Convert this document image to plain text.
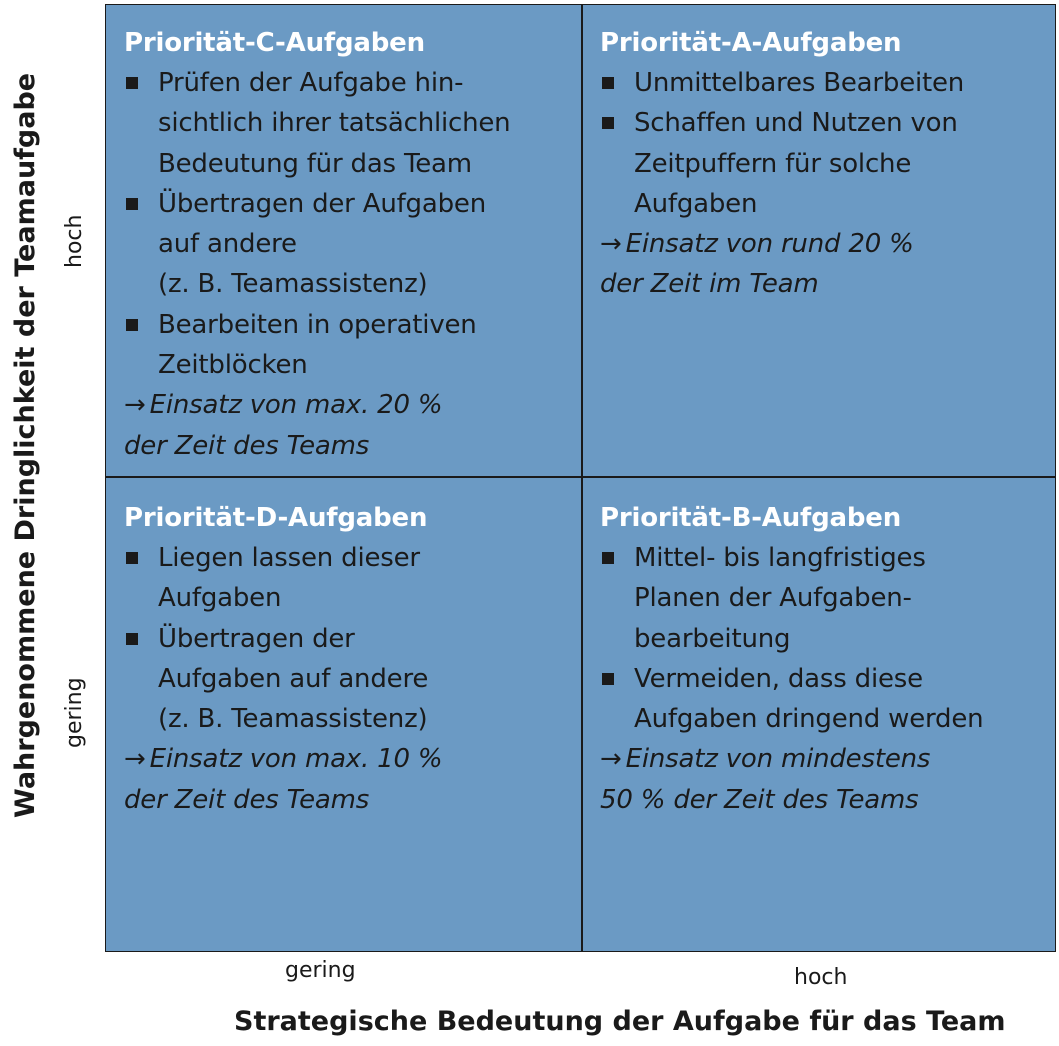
Wahrgenommene Dringlichkeit der Teamaufgabe hoch
gering
Priorität-C-Aufgaben
Prüfen der Aufgabe hin-
sichtlich ihrer tatsächlichen
Bedeutung für das Team
Übertragen der Aufgaben
auf andere
(z. B. Teamassistenz)
Bearbeiten in operativen
Zeitblöcken
→ Einsatz von max. 20 %
der Zeit des Teams
Priorität-A-Aufgaben
Unmittelbares Bearbeiten
Schaffen und Nutzen von
Zeitpuffern für solche
Aufgaben
→ Einsatz von rund 20 %
der Zeit im Team
Priorität-D-Aufgaben
Liegen lassen dieser
Aufgaben
Übertragen der
Aufgaben auf andere
(z. B. Teamassistenz)
→ Einsatz von max. 10 %
der Zeit des Teams
Priorität-B-Aufgaben
Mittel- bis langfristiges
Planen der Aufgaben-
bearbeitung
Vermeiden, dass diese
Aufgaben dringend werden
→ Einsatz von mindestens
50 % der Zeit des Teams
gering	hoch
Strategische Bedeutung der Aufgabe für das Team
